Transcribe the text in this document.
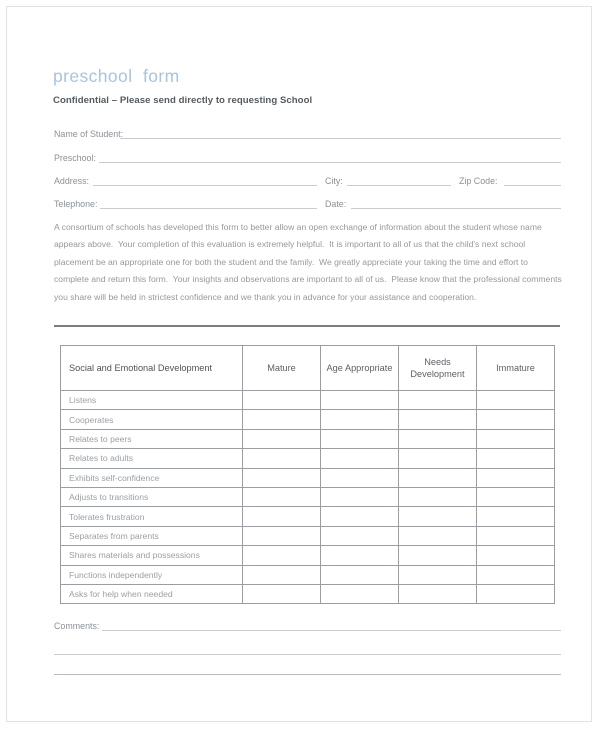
preschool  form
Confidential – Please send directly to requesting School
Name of Student:
Preschool:
Address:	City:	Zip Code:
Telephone:	Date:
A consortium of schools has developed this form to better allow an open exchange of information about the student whose name appears above.  Your completion of this evaluation is extremely helpful.  It is important to all of us that the child's next school placement be an appropriate one for both the student and the family.  We greatly appreciate your taking the time and effort to complete and return this form.  Your insights and observations are important to all of us.  Please know that the professional comments you share will be held in strictest confidence and we thank you in advance for your assistance and cooperation.
Social and Emotional Development	Mature	Age Appropriate	Needs Development	Immature
Listens				
Cooperates				
Relates to peers				
Relates to adults				
Exhibits self-confidence				
Adjusts to transitions				
Tolerates frustration				
Separates from parents				
Shares materials and possessions				
Functions independently				
Asks for help when needed				
Comments:
